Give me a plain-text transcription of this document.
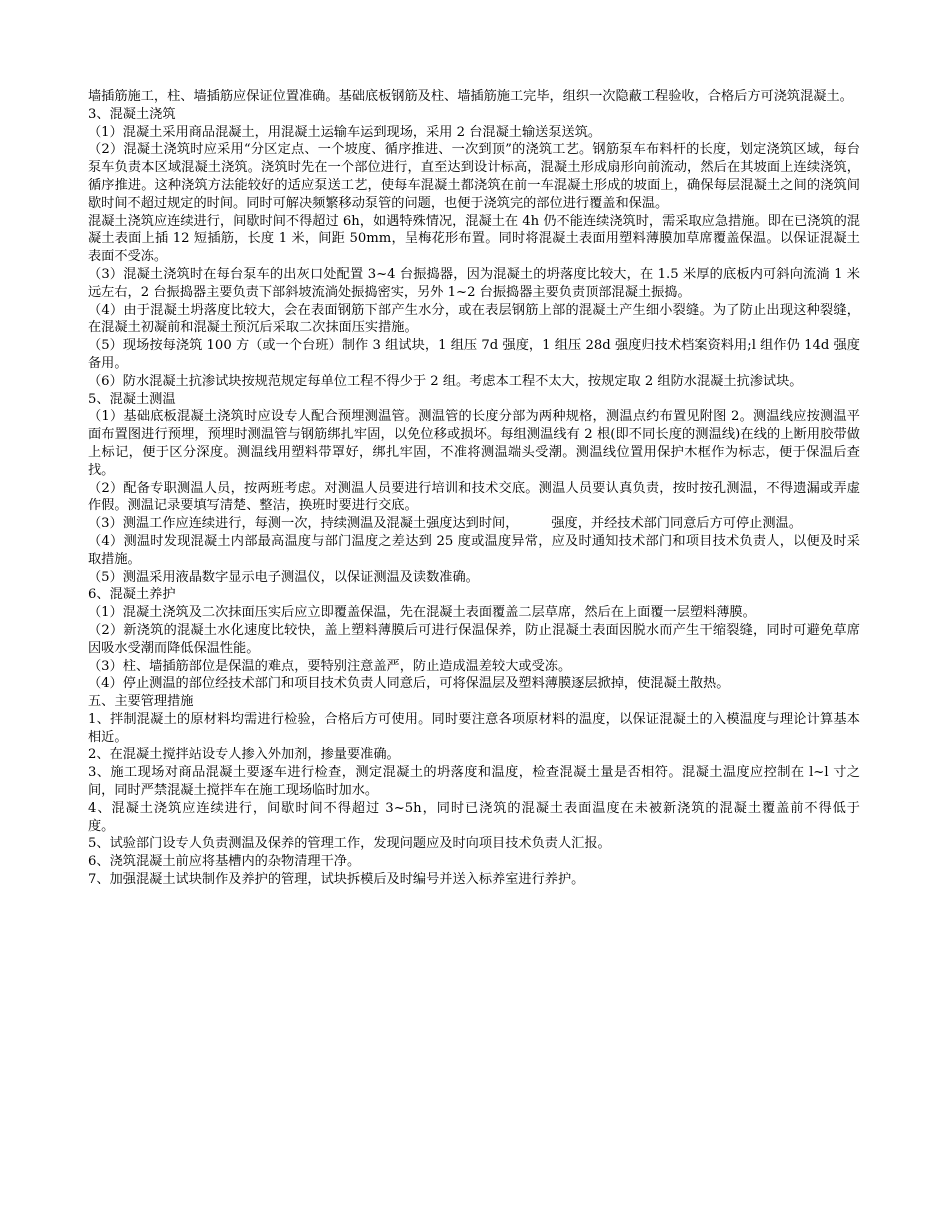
墙插筋施工，柱、墙插筋应保证位置准确。基础底板钢筋及柱、墙插筋施工完毕，组织一次隐蔽工程验收，合格后方可浇筑混凝土。

3、混凝土浇筑

（1）混凝土采用商品混凝土，用混凝土运输车运到现场，采用 2 台混凝土输送泵送筑。

（2）混凝土浇筑时应采用“分区定点、一个坡度、循序推进、一次到顶”的浇筑工艺。钢筋泵车布料杆的长度，划定浇筑区域，每台泵车负责本区域混凝土浇筑。浇筑时先在一个部位进行，直至达到设计标高，混凝土形成扇形向前流动，然后在其坡面上连续浇筑，循序推进。这种浇筑方法能较好的适应泵送工艺，使每车混凝土都浇筑在前一车混凝土形成的坡面上，确保每层混凝土之间的浇筑间歇时间不超过规定的时间。同时可解决频繁移动泵管的问题，也便于浇筑完的部位进行覆盖和保温。

混凝土浇筑应连续进行，间歇时间不得超过 6h，如遇特殊情况，混凝土在 4h 仍不能连续浇筑时，需采取应急措施。即在已浇筑的混凝土表面上插 12 短插筋，长度 1 米，间距 50mm，呈梅花形布置。同时将混凝土表面用塑料薄膜加草席覆盖保温。以保证混凝土表面不受冻。

（3）混凝土浇筑时在每台泵车的出灰口处配置 3~4 台振捣器，因为混凝土的坍落度比较大，在 1.5 米厚的底板内可斜向流淌 1 米远左右，2 台振捣器主要负责下部斜坡流淌处振捣密实，另外 1~2 台振捣器主要负责顶部混凝土振捣。

（4）由于混凝土坍落度比较大，会在表面钢筋下部产生水分，或在表层钢筋上部的混凝土产生细小裂缝。为了防止出现这种裂缝，在混凝土初凝前和混凝土预沉后采取二次抹面压实措施。

（5）现场按每浇筑 100 方（或一个台班）制作 3 组试块，1 组压 7d 强度，1 组压 28d 强度归技术档案资料用;l 组作仍 14d 强度备用。

（6）防水混凝土抗渗试块按规范规定每单位工程不得少于 2 组。考虑本工程不太大，按规定取 2 组防水混凝土抗渗试块。

5、混凝土测温

（1）基础底板混凝土浇筑时应设专人配合预埋测温管。测温管的长度分部为两种规格，测温点约布置见附图 2。测温线应按测温平面布置图进行预埋，预埋时测温管与钢筋绑扎牢固，以免位移或损坏。每组测温线有 2 根(即不同长度的测温线)在线的上断用胶带做上标记，便于区分深度。测温线用塑料带罩好，绑扎牢固，不准将测温端头受潮。测温线位置用保护木框作为标志，便于保温后查找。

（2）配备专职测温人员，按两班考虑。对测温人员要进行培训和技术交底。测温人员要认真负责，按时按孔测温，不得遗漏或弄虚作假。测温记录要填写清楚、整洁，换班时要进行交底。

（3）测温工作应连续进行，每测一次，持续测温及混凝土强度达到时间，　　　强度，并经技术部门同意后方可停止测温。

（4）测温时发现混凝土内部最高温度与部门温度之差达到 25 度或温度异常，应及时通知技术部门和项目技术负责人，以便及时采取措施。

（5）测温采用液晶数字显示电子测温仪，以保证测温及读数准确。

6、混凝土养护

（1）混凝土浇筑及二次抹面压实后应立即覆盖保温，先在混凝土表面覆盖二层草席，然后在上面覆一层塑料薄膜。

（2）新浇筑的混凝土水化速度比较快，盖上塑料薄膜后可进行保温保养，防止混凝土表面因脱水而产生干缩裂缝，同时可避免草席因吸水受潮而降低保温性能。

（3）柱、墙插筋部位是保温的难点，要特别注意盖严，防止造成温差较大或受冻。

（4）停止测温的部位经技术部门和项目技术负责人同意后，可将保温层及塑料薄膜逐层掀掉，使混凝土散热。

五、主要管理措施

1、拌制混凝土的原材料均需进行检验，合格后方可使用。同时要注意各项原材料的温度，以保证混凝土的入模温度与理论计算基本相近。

2、在混凝土搅拌站设专人掺入外加剂，掺量要准确。

3、施工现场对商品混凝土要逐车进行检查，测定混凝土的坍落度和温度，检查混凝土量是否相符。混凝土温度应控制在 l~l 寸之间，同时严禁混凝土搅拌车在施工现场临时加水。

4、混凝土浇筑应连续进行，间歇时间不得超过 3~5h，同时已浇筑的混凝土表面温度在未被新浇筑的混凝土覆盖前不得低于　　度。

5、试验部门设专人负责测温及保养的管理工作，发现问题应及时向项目技术负责人汇报。

6、浇筑混凝土前应将基槽内的杂物清理干净。

7、加强混凝土试块制作及养护的管理，试块拆模后及时编号并送入标养室进行养护。
